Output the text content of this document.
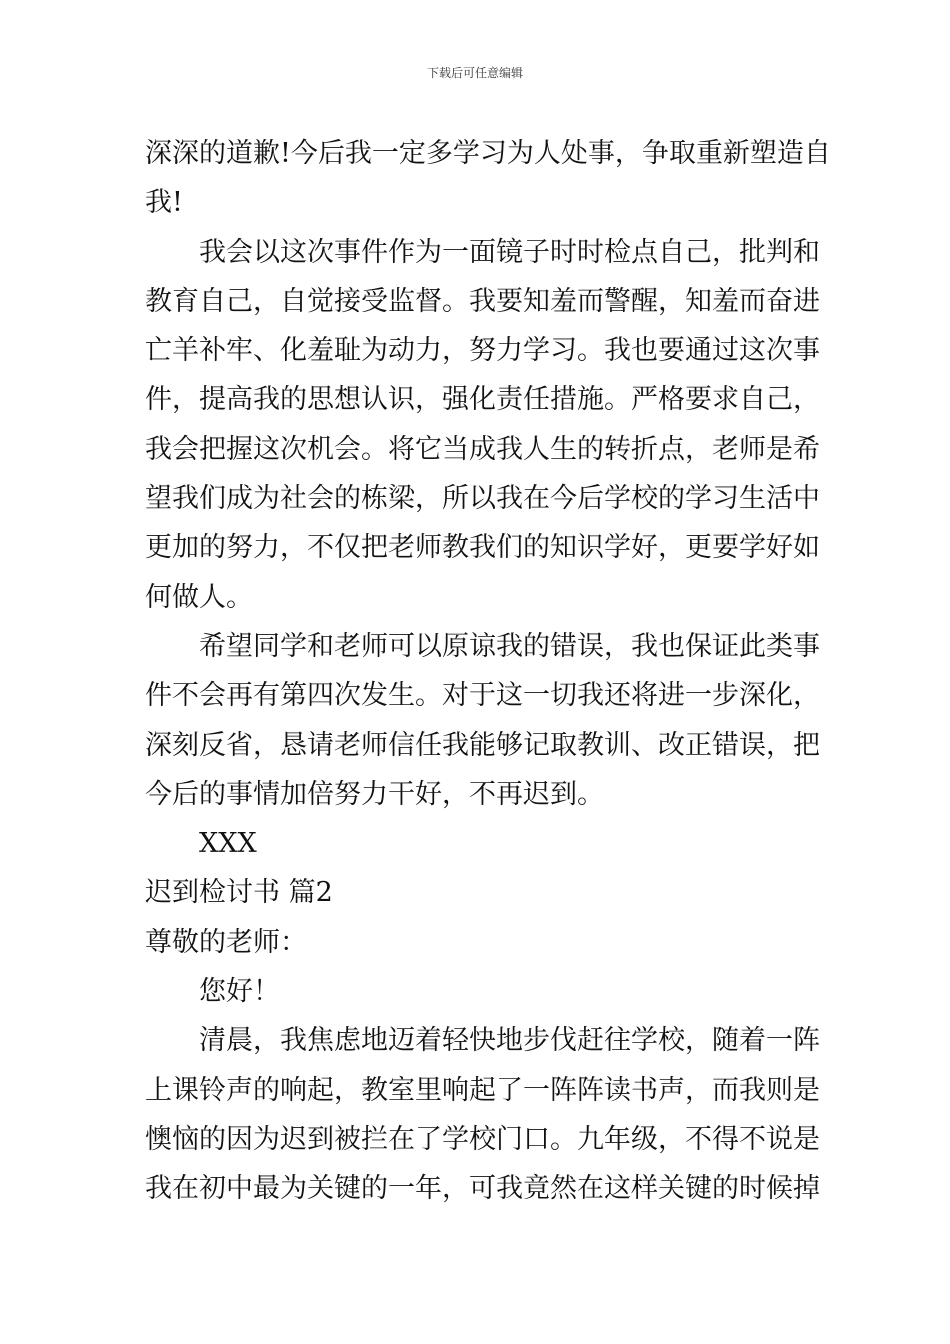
下载后可任意编辑
深深的道歉!今后我一定多学习为人处事，争取重新塑造自
我!
我会以这次事件作为一面镜子时时检点自己，批判和
教育自己，自觉接受监督。我要知羞而警醒，知羞而奋进
亡羊补牢、化羞耻为动力，努力学习。我也要通过这次事
件，提高我的思想认识，强化责任措施。严格要求自己，
我会把握这次机会。将它当成我人生的转折点，老师是希
望我们成为社会的栋梁，所以我在今后学校的学习生活中
更加的努力，不仅把老师教我们的知识学好，更要学好如
何做人。
希望同学和老师可以原谅我的错误，我也保证此类事
件不会再有第四次发生。对于这一切我还将进一步深化，
深刻反省，恳请老师信任我能够记取教训、改正错误，把
今后的事情加倍努力干好，不再迟到。
XXX
迟到检讨书 篇2
尊敬的老师：
您好！
清晨，我焦虑地迈着轻快地步伐赶往学校，随着一阵
上课铃声的响起，教室里响起了一阵阵读书声，而我则是
懊恼的因为迟到被拦在了学校门口。九年级，不得不说是
我在初中最为关键的一年，可我竟然在这样关键的时候掉
